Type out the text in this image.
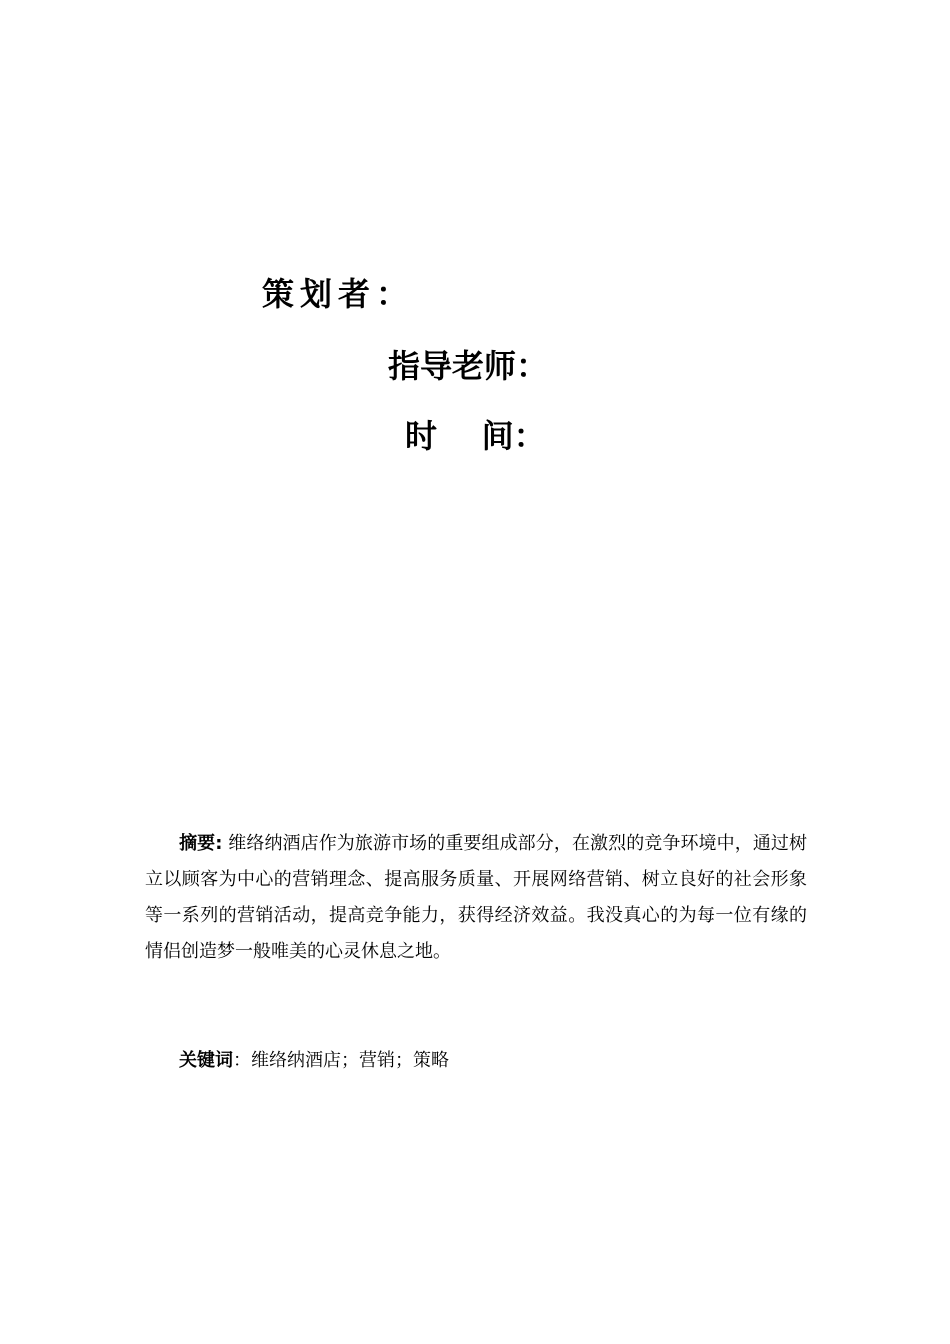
策划者：
指导老师：
时    间：
摘要: 维络纳酒店作为旅游市场的重要组成部分，在激烈的竞争环境中，通过树立以顾客为中心的营销理念、提高服务质量、开展网络营销、树立良好的社会形象等一系列的营销活动，提高竞争能力，获得经济效益。我没真心的为每一位有缘的情侣创造梦一般唯美的心灵休息之地。
关键词：维络纳酒店；营销；策略
